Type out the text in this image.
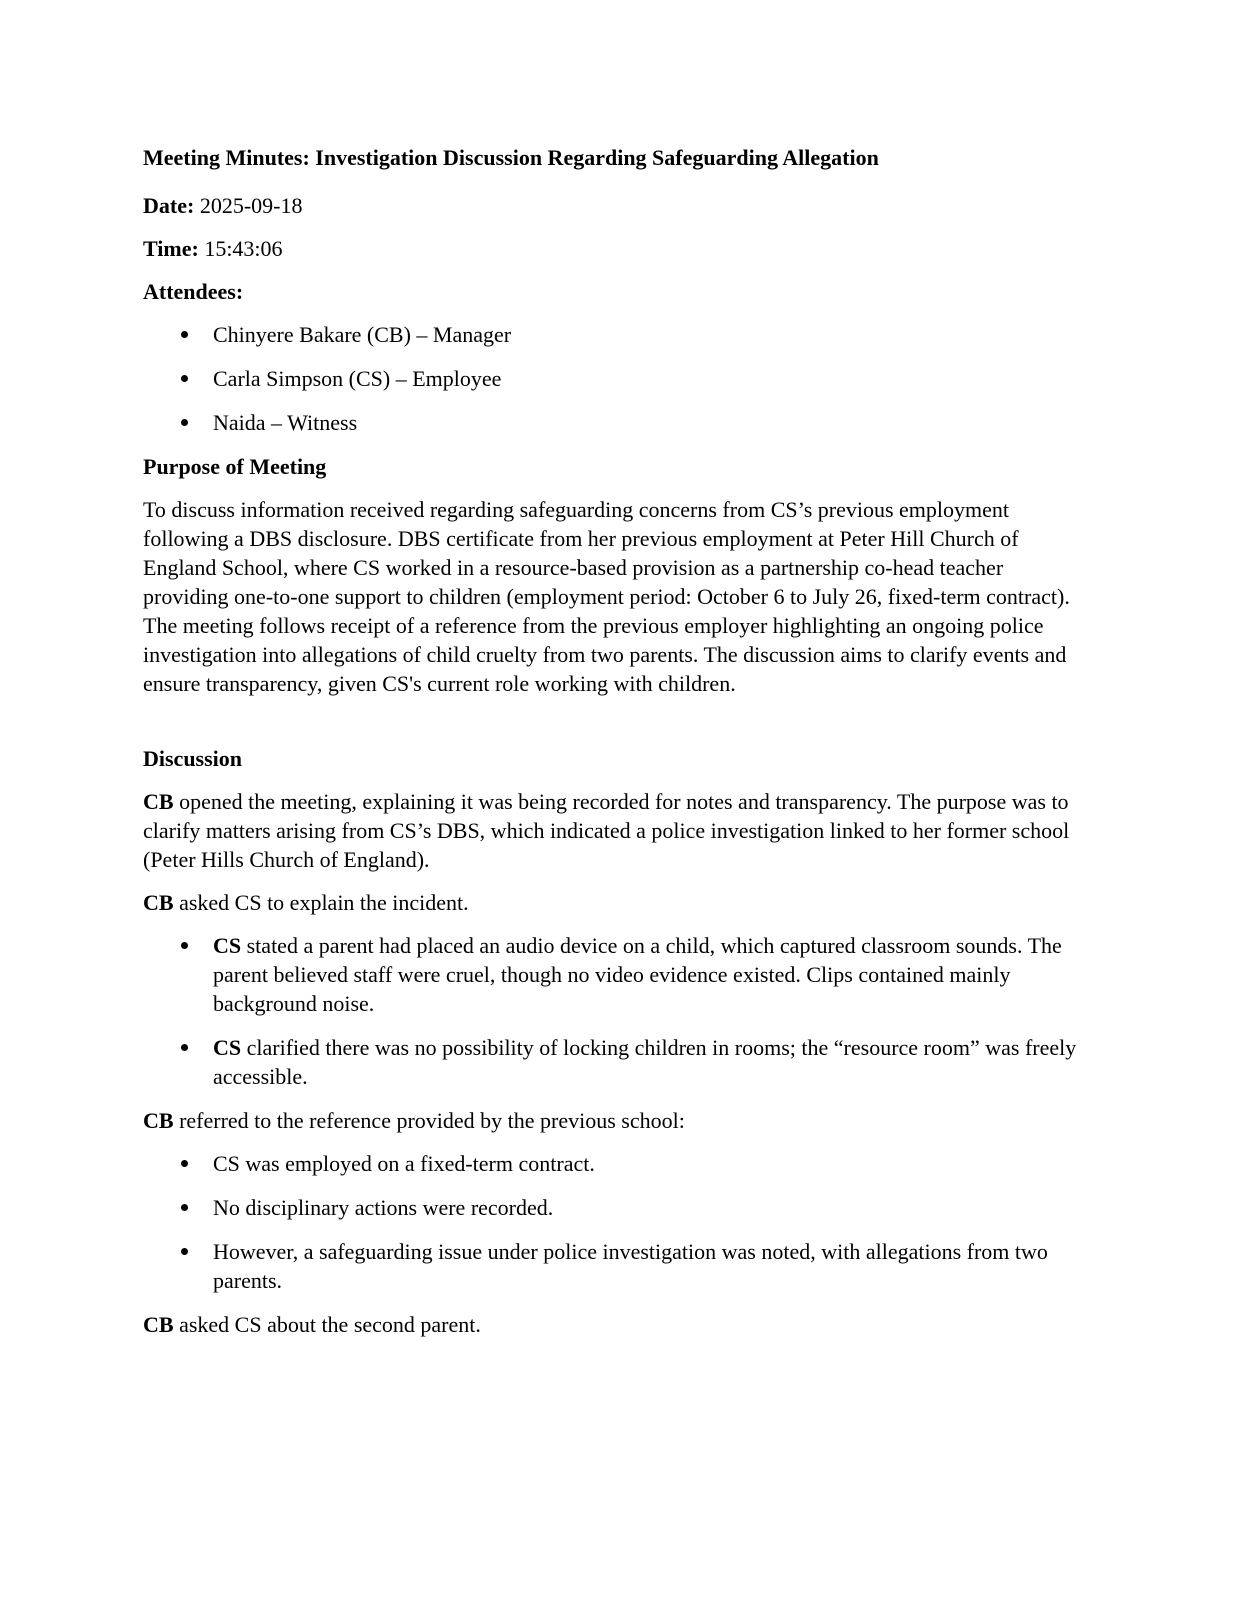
Meeting Minutes: Investigation Discussion Regarding Safeguarding Allegation

Date: 2025-09-18

Time: 15:43:06

Attendees:

Chinyere Bakare (CB) – Manager
Carla Simpson (CS) – Employee
Naida – Witness

Purpose of Meeting

To discuss information received regarding safeguarding concerns from CS’s previous employment following a DBS disclosure. DBS certificate from her previous employment at Peter Hill Church of England School, where CS worked in a resource-based provision as a partnership co-head teacher providing one-to-one support to children (employment period: October 6 to July 26, fixed-term contract). The meeting follows receipt of a reference from the previous employer highlighting an ongoing police investigation into allegations of child cruelty from two parents. The discussion aims to clarify events and ensure transparency, given CS's current role working with children.

Discussion

CB opened the meeting, explaining it was being recorded for notes and transparency. The purpose was to clarify matters arising from CS’s DBS, which indicated a police investigation linked to her former school (Peter Hills Church of England).

CB asked CS to explain the incident.

CS stated a parent had placed an audio device on a child, which captured classroom sounds. The parent believed staff were cruel, though no video evidence existed. Clips contained mainly background noise.
CS clarified there was no possibility of locking children in rooms; the “resource room” was freely accessible.

CB referred to the reference provided by the previous school:

CS was employed on a fixed-term contract.
No disciplinary actions were recorded.
However, a safeguarding issue under police investigation was noted, with allegations from two parents.

CB asked CS about the second parent.
